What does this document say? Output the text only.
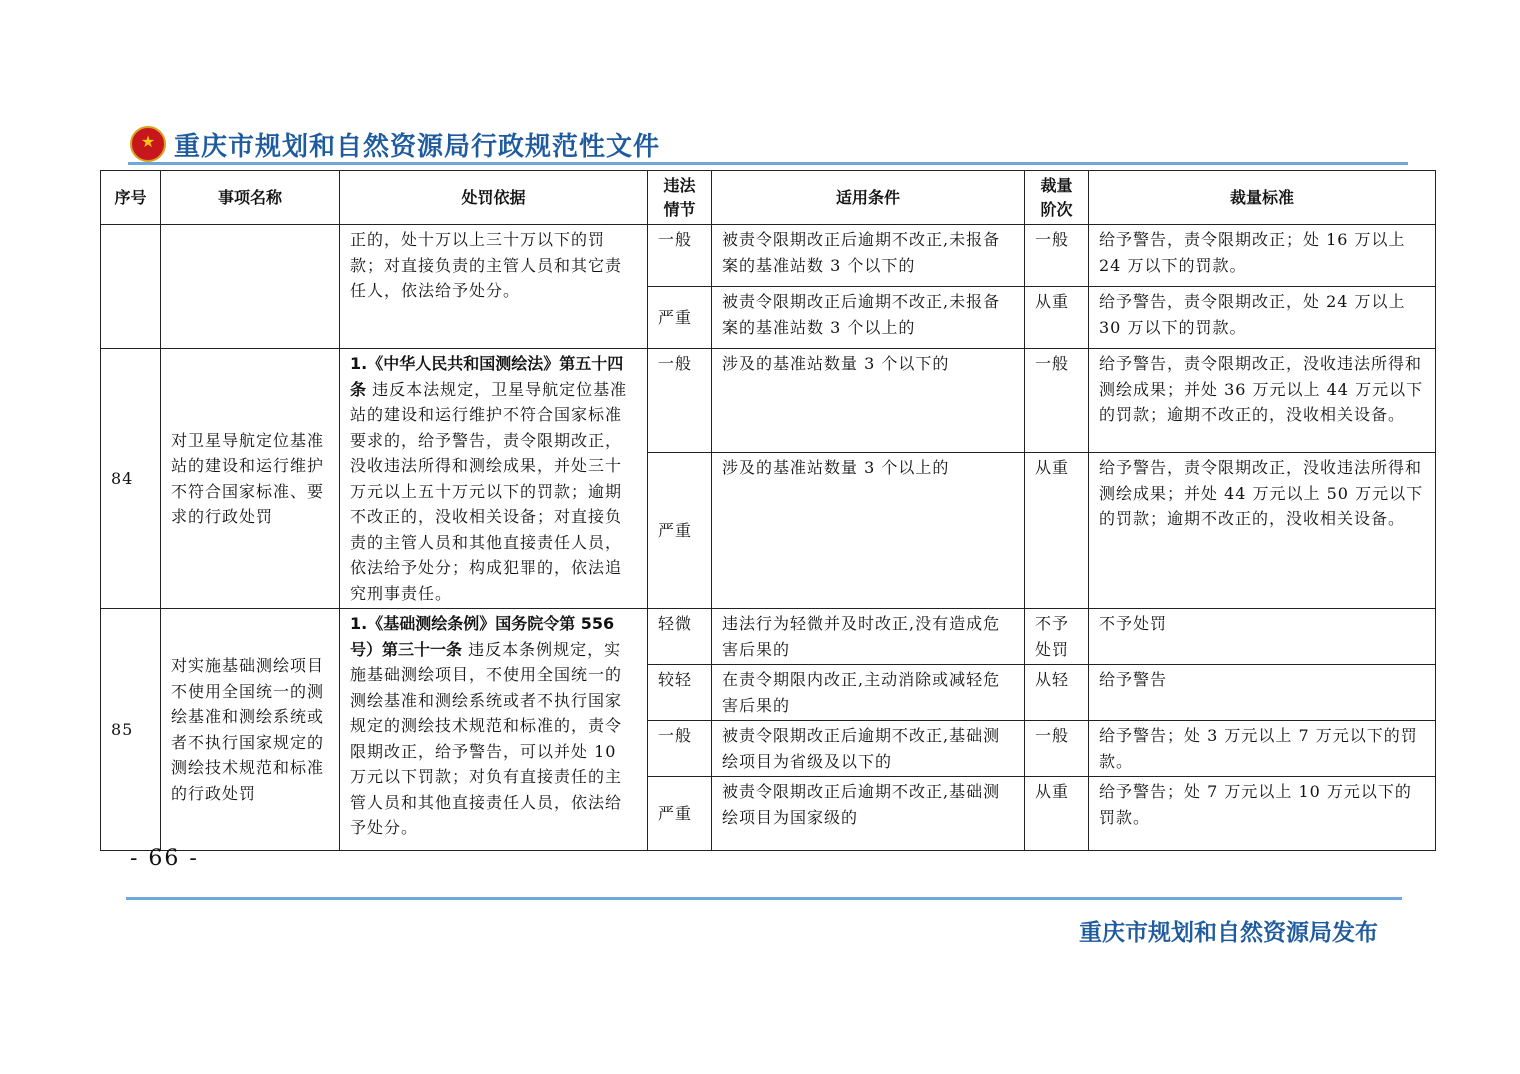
★
重庆市规划和自然资源局行政规范性文件
序号	事项名称	处罚依据	违法情节	适用条件	裁量阶次	裁量标准
		正的，处十万以上三十万以下的罚款；对直接负责的主管人员和其它责任人，依法给予处分。	一般	被责令限期改正后逾期不改正,未报备案的基准站数 3 个以下的	一般	给予警告，责令限期改正；处 16 万以上 24 万以下的罚款。
			严重	被责令限期改正后逾期不改正,未报备案的基准站数 3 个以上的	从重	给予警告，责令限期改正，处 24 万以上 30 万以下的罚款。
84	对卫星导航定位基准站的建设和运行维护不符合国家标准、要求的行政处罚	1.《中华人民共和国测绘法》第五十四条 违反本法规定，卫星导航定位基准站的建设和运行维护不符合国家标准要求的，给予警告，责令限期改正，没收违法所得和测绘成果，并处三十万元以上五十万元以下的罚款；逾期不改正的，没收相关设备；对直接负责的主管人员和其他直接责任人员，依法给予处分；构成犯罪的，依法追究刑事责任。	一般	涉及的基准站数量 3 个以下的	一般	给予警告，责令限期改正，没收违法所得和测绘成果；并处 36 万元以上 44 万元以下的罚款；逾期不改正的，没收相关设备。
			严重	涉及的基准站数量 3 个以上的	从重	给予警告，责令限期改正，没收违法所得和测绘成果；并处 44 万元以上 50 万元以下的罚款；逾期不改正的，没收相关设备。
85	对实施基础测绘项目不使用全国统一的测绘基准和测绘系统或者不执行国家规定的测绘技术规范和标准的行政处罚	1.《基础测绘条例》国务院令第 556 号）第三十一条 违反本条例规定，实施基础测绘项目，不使用全国统一的测绘基准和测绘系统或者不执行国家规定的测绘技术规范和标准的，责令限期改正，给予警告，可以并处 10 万元以下罚款；对负有直接责任的主管人员和其他直接责任人员，依法给予处分。	轻微	违法行为轻微并及时改正,没有造成危害后果的	不予处罚	不予处罚
			较轻	在责令期限内改正,主动消除或减轻危害后果的	从轻	给予警告
			一般	被责令限期改正后逾期不改正,基础测绘项目为省级及以下的	一般	给予警告；处 3 万元以上 7 万元以下的罚款。
			严重	被责令限期改正后逾期不改正,基础测绘项目为国家级的	从重	给予警告；处 7 万元以上 10 万元以下的罚款。
- 66 -
重庆市规划和自然资源局发布
